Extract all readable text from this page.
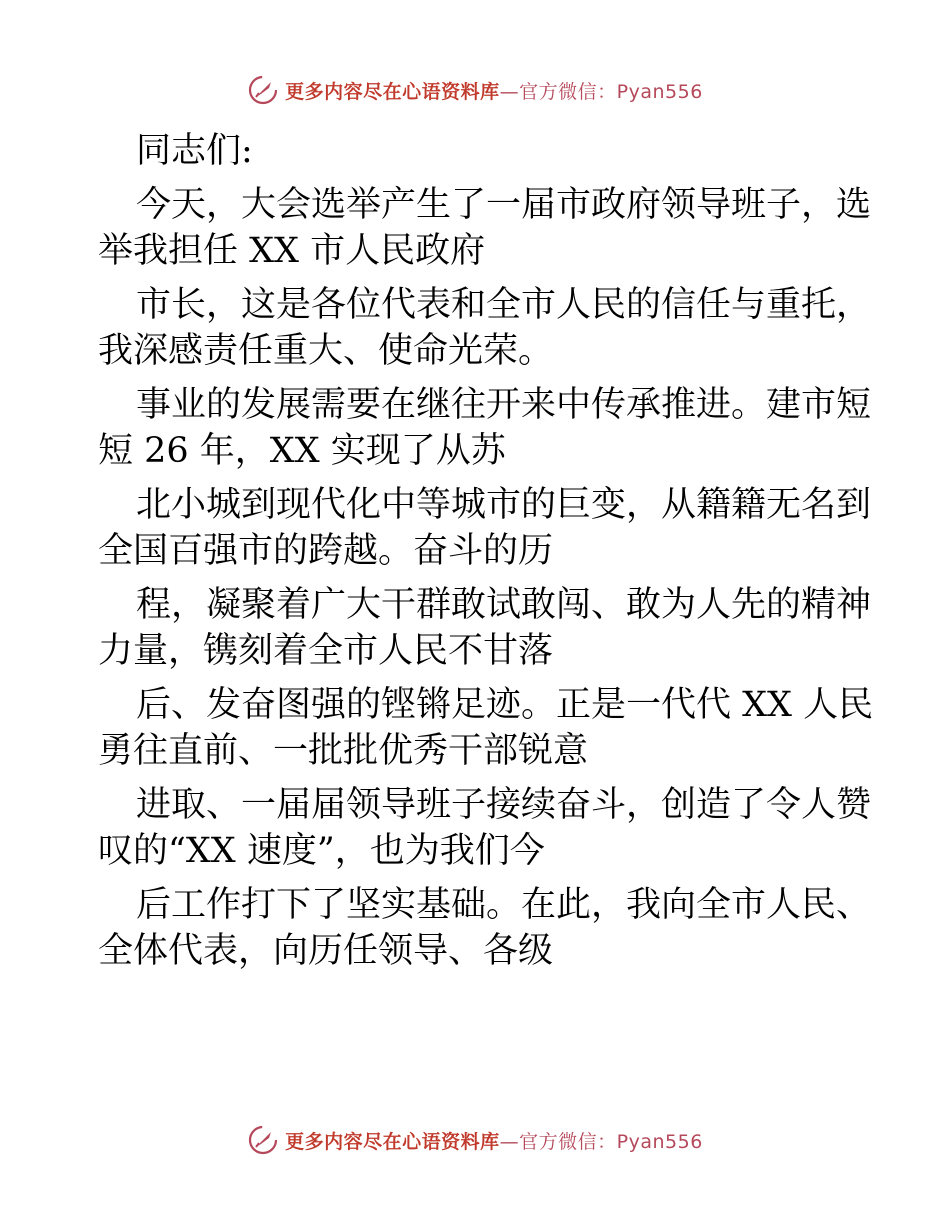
更多内容尽在心语资料库—官方微信：Pyan556

同志们:

今天，大会选举产生了一届市政府领导班子，选
举我担任 XX 市人民政府

市长，这是各位代表和全市人民的信任与重托，
我深感责任重大、使命光荣。

事业的发展需要在继往开来中传承推进。建市短
短 26 年，XX 实现了从苏

北小城到现代化中等城市的巨变，从籍籍无名到
全国百强市的跨越。奋斗的历

程，凝聚着广大干群敢试敢闯、敢为人先的精神
力量，镌刻着全市人民不甘落

后、发奋图强的铿锵足迹。正是一代代 XX 人民
勇往直前、一批批优秀干部锐意

进取、一届届领导班子接续奋斗，创造了令人赞
叹的“XX 速度”，也为我们今

后工作打下了坚实基础。在此，我向全市人民、
全体代表，向历任领导、各级

更多内容尽在心语资料库—官方微信：Pyan556
